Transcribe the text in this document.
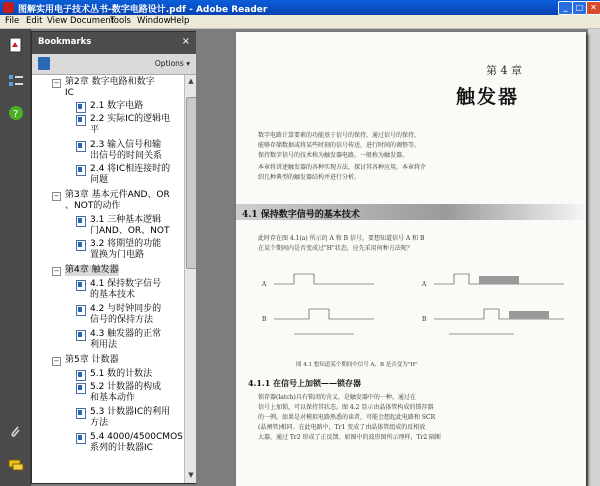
图解实用电子技术丛书-数字电路设计.pdf - Adobe Reader	_	□ ✕
File Edit View Document
Tools Window Help
?
Bookmarks	×
Options ▾
− 第2章 数字电路和数字
IC
2.1 数字电路
2.2 实际IC的逻辑电
平
2.3 输入信号和输
出信号的时间关系
2.4 将IC相连接时的
问题
− 第3章 基本元件AND、OR
、NOT的动作
3.1 三种基本逻辑
门AND、OR、NOT
3.2 将期望的功能
置换为门电路
− 第4章 触发器
4.1 保持数字信号
的基本技术
4.2 与时钟同步的
信号的保持方法
4.3 触发器的正常
利用法
− 第5章 计数器
5.1 数的计数法
5.2 计数器的构成
和基本动作
5.3 计数器IC的利用
方法
5.4 4000/4500CMOS
系列的计数器IC
▲
▼
第 4 章
触发器
数字电路计算要素的功能基于信号的保持，通过信号的保持，
能够存储数据或将某些时刻的信号传送，进行时间的调整等。
保持数字信号的技术称为触发器电路。一般称为触发器。
本章将讲述触发器的各种实现方法，探讨其各种应用。本章将介
绍几种典型的触发器结构并进行分析。
4.1 保持数字信号的基本技术
此时存在图 4.1(a) 所示的 A 和 B 信号，要想知道信号 A 和 B
在某个期间内是否变成过"H"状态，应先采用何种方法呢？
A
B
A
B
图 4.1 想知道某个期间中信号 A、B 是否变为"H"
4.1.1 在信号上加锁——锁存器
锁存器(latch)具有锁闭的含义，是触发器中的一种。通过在
信号上加锁，可以保持其状态。图 4.2 显示由晶体管构成的锁存器
的一例。如果是对模拟电路熟悉的读者，可能会想起此电路和 SCR
(晶闸管)相同。在此电路中，Tr1 变成了由晶体管组成的反相放
大器，通过 Tr2 形成了正反馈。如图中的波形图所示理样，Tr2 隔断
